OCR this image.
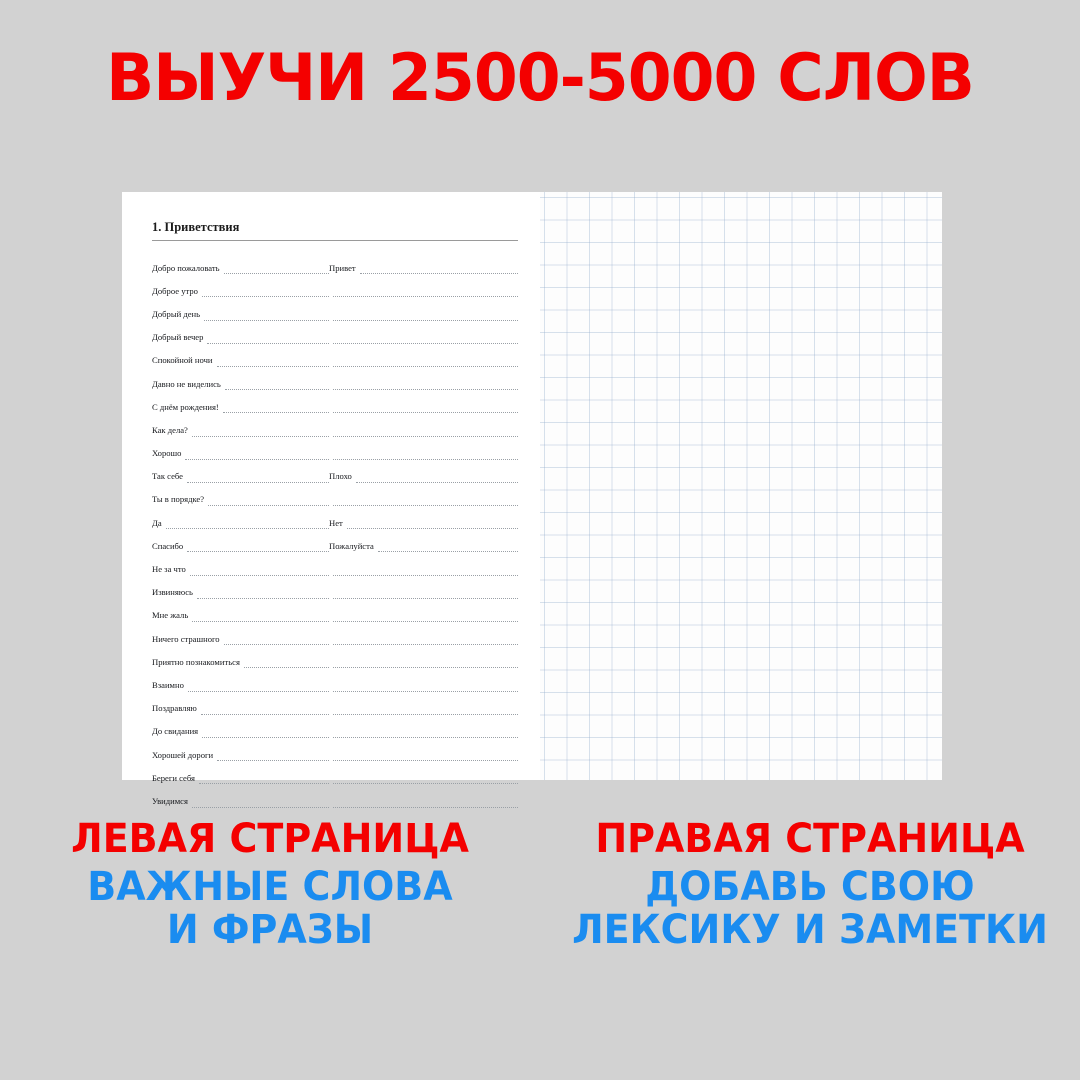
ВЫУЧИ 2500-5000 СЛОВ
1. Приветствия
Добро пожаловать	Привет
Доброе утро
Добрый день
Добрый вечер
Спокойной ночи
Давно не виделись
С днём рождения!
Как дела?
Хорошо
Так себе	Плохо
Ты в порядке?
Да	Нет
Спасибо	Пожалуйста
Не за что
Извиняюсь
Мне жаль
Ничего страшного
Приятно познакомиться
Взаимно
Поздравляю
До свидания
Хорошей дороги
Береги себя
Увидимся
ЛЕВАЯ СТРАНИЦА
ВАЖНЫЕ СЛОВА
И ФРАЗЫ
ПРАВАЯ СТРАНИЦА
ДОБАВЬ СВОЮ
ЛЕКСИКУ И ЗАМЕТКИ
